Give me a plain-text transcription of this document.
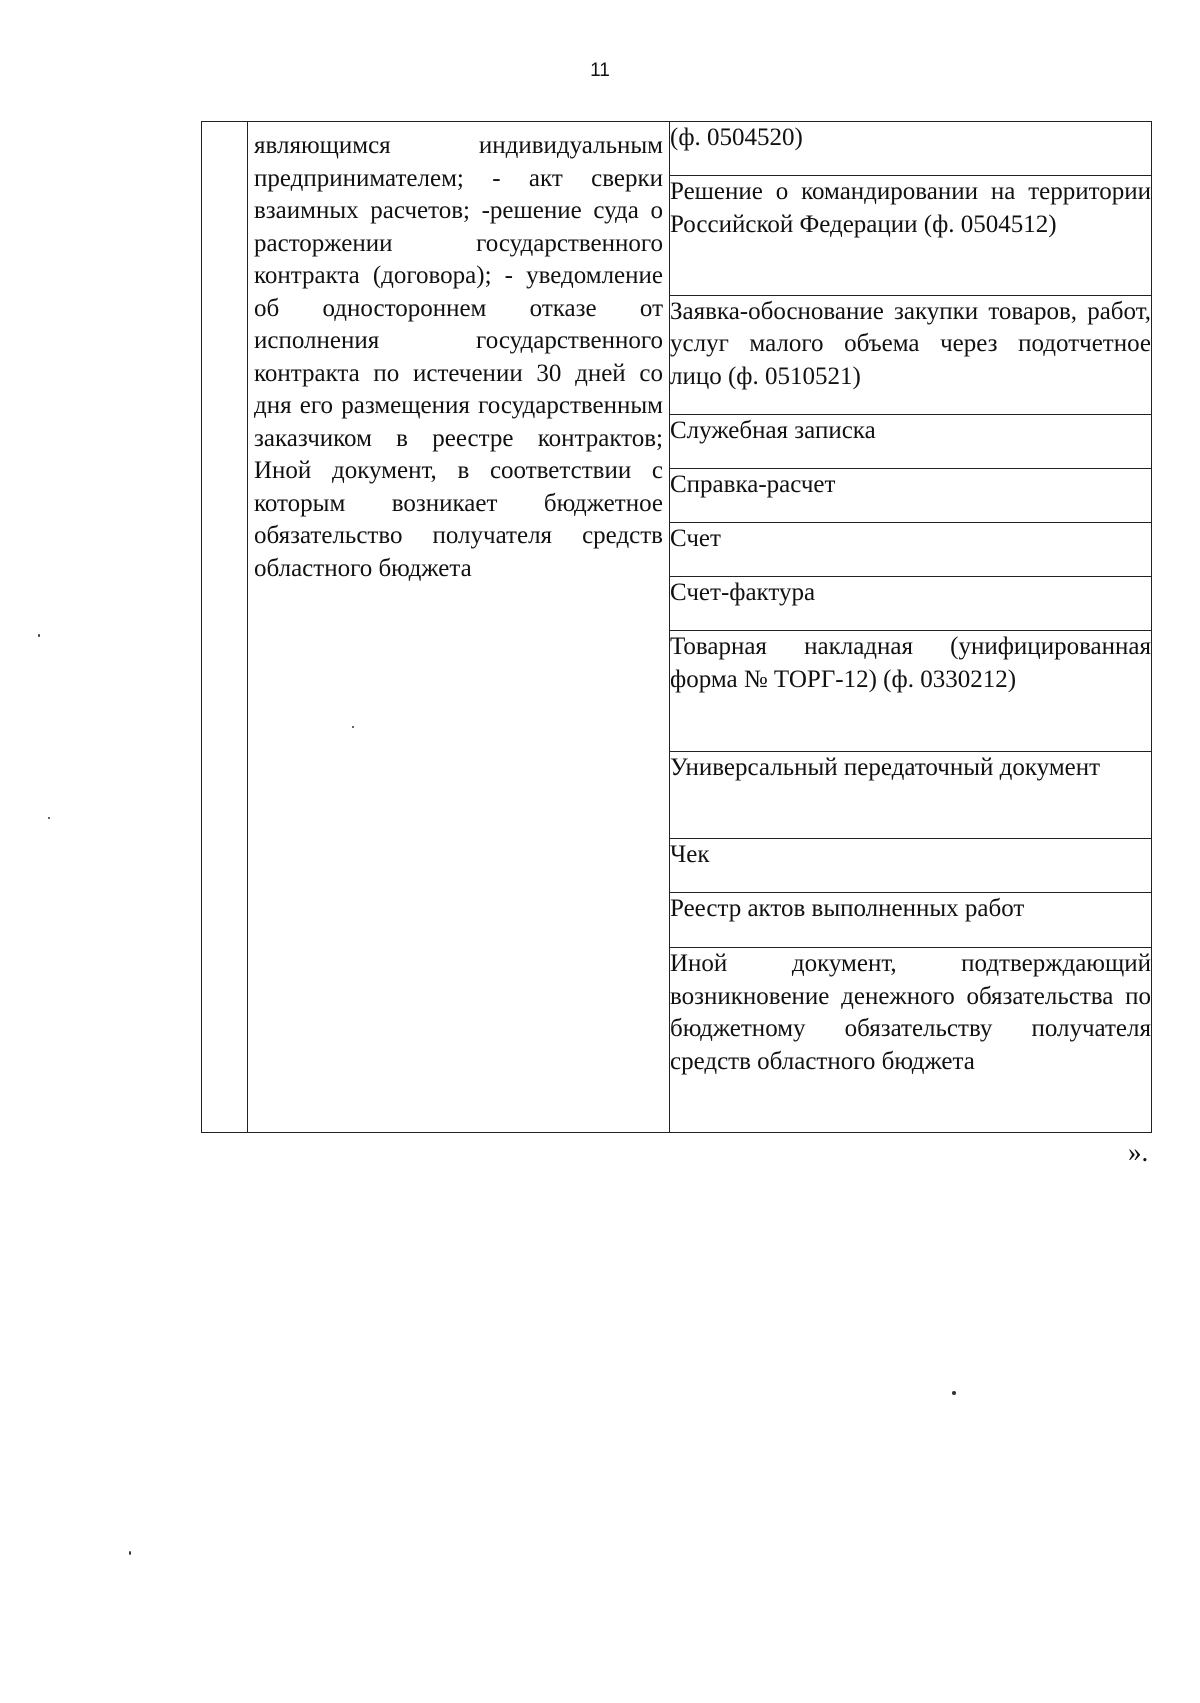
11

являющимся индивидуальным предпринимателем; - акт сверки взаимных расчетов; -решение суда о расторжении государственного контракта (договора); - уведомление об одностороннем отказе от исполнения государственного контракта по истечении 30 дней со дня его размещения государственным заказчиком в реестре контрактов; Иной документ, в соответствии с которым возникает бюджетное обязательство получателя средств областного бюджета
	(ф. 0504520)
Решение о командировании на территории Российской Федерации (ф. 0504512)
Заявка-обоснование закупки товаров, работ, услуг малого объема через подотчетное лицо (ф. 0510521)
Служебная записка
Справка-расчет
Счет
Счет-фактура
Товарная накладная (унифицированная форма № ТОРГ-12) (ф. 0330212)
Универсальный передаточный документ
Чек
Реестр актов выполненных работ
Иной документ, подтверждающий возникновение денежного обязательства по бюджетному обязательству получателя средств областного бюджета
».
